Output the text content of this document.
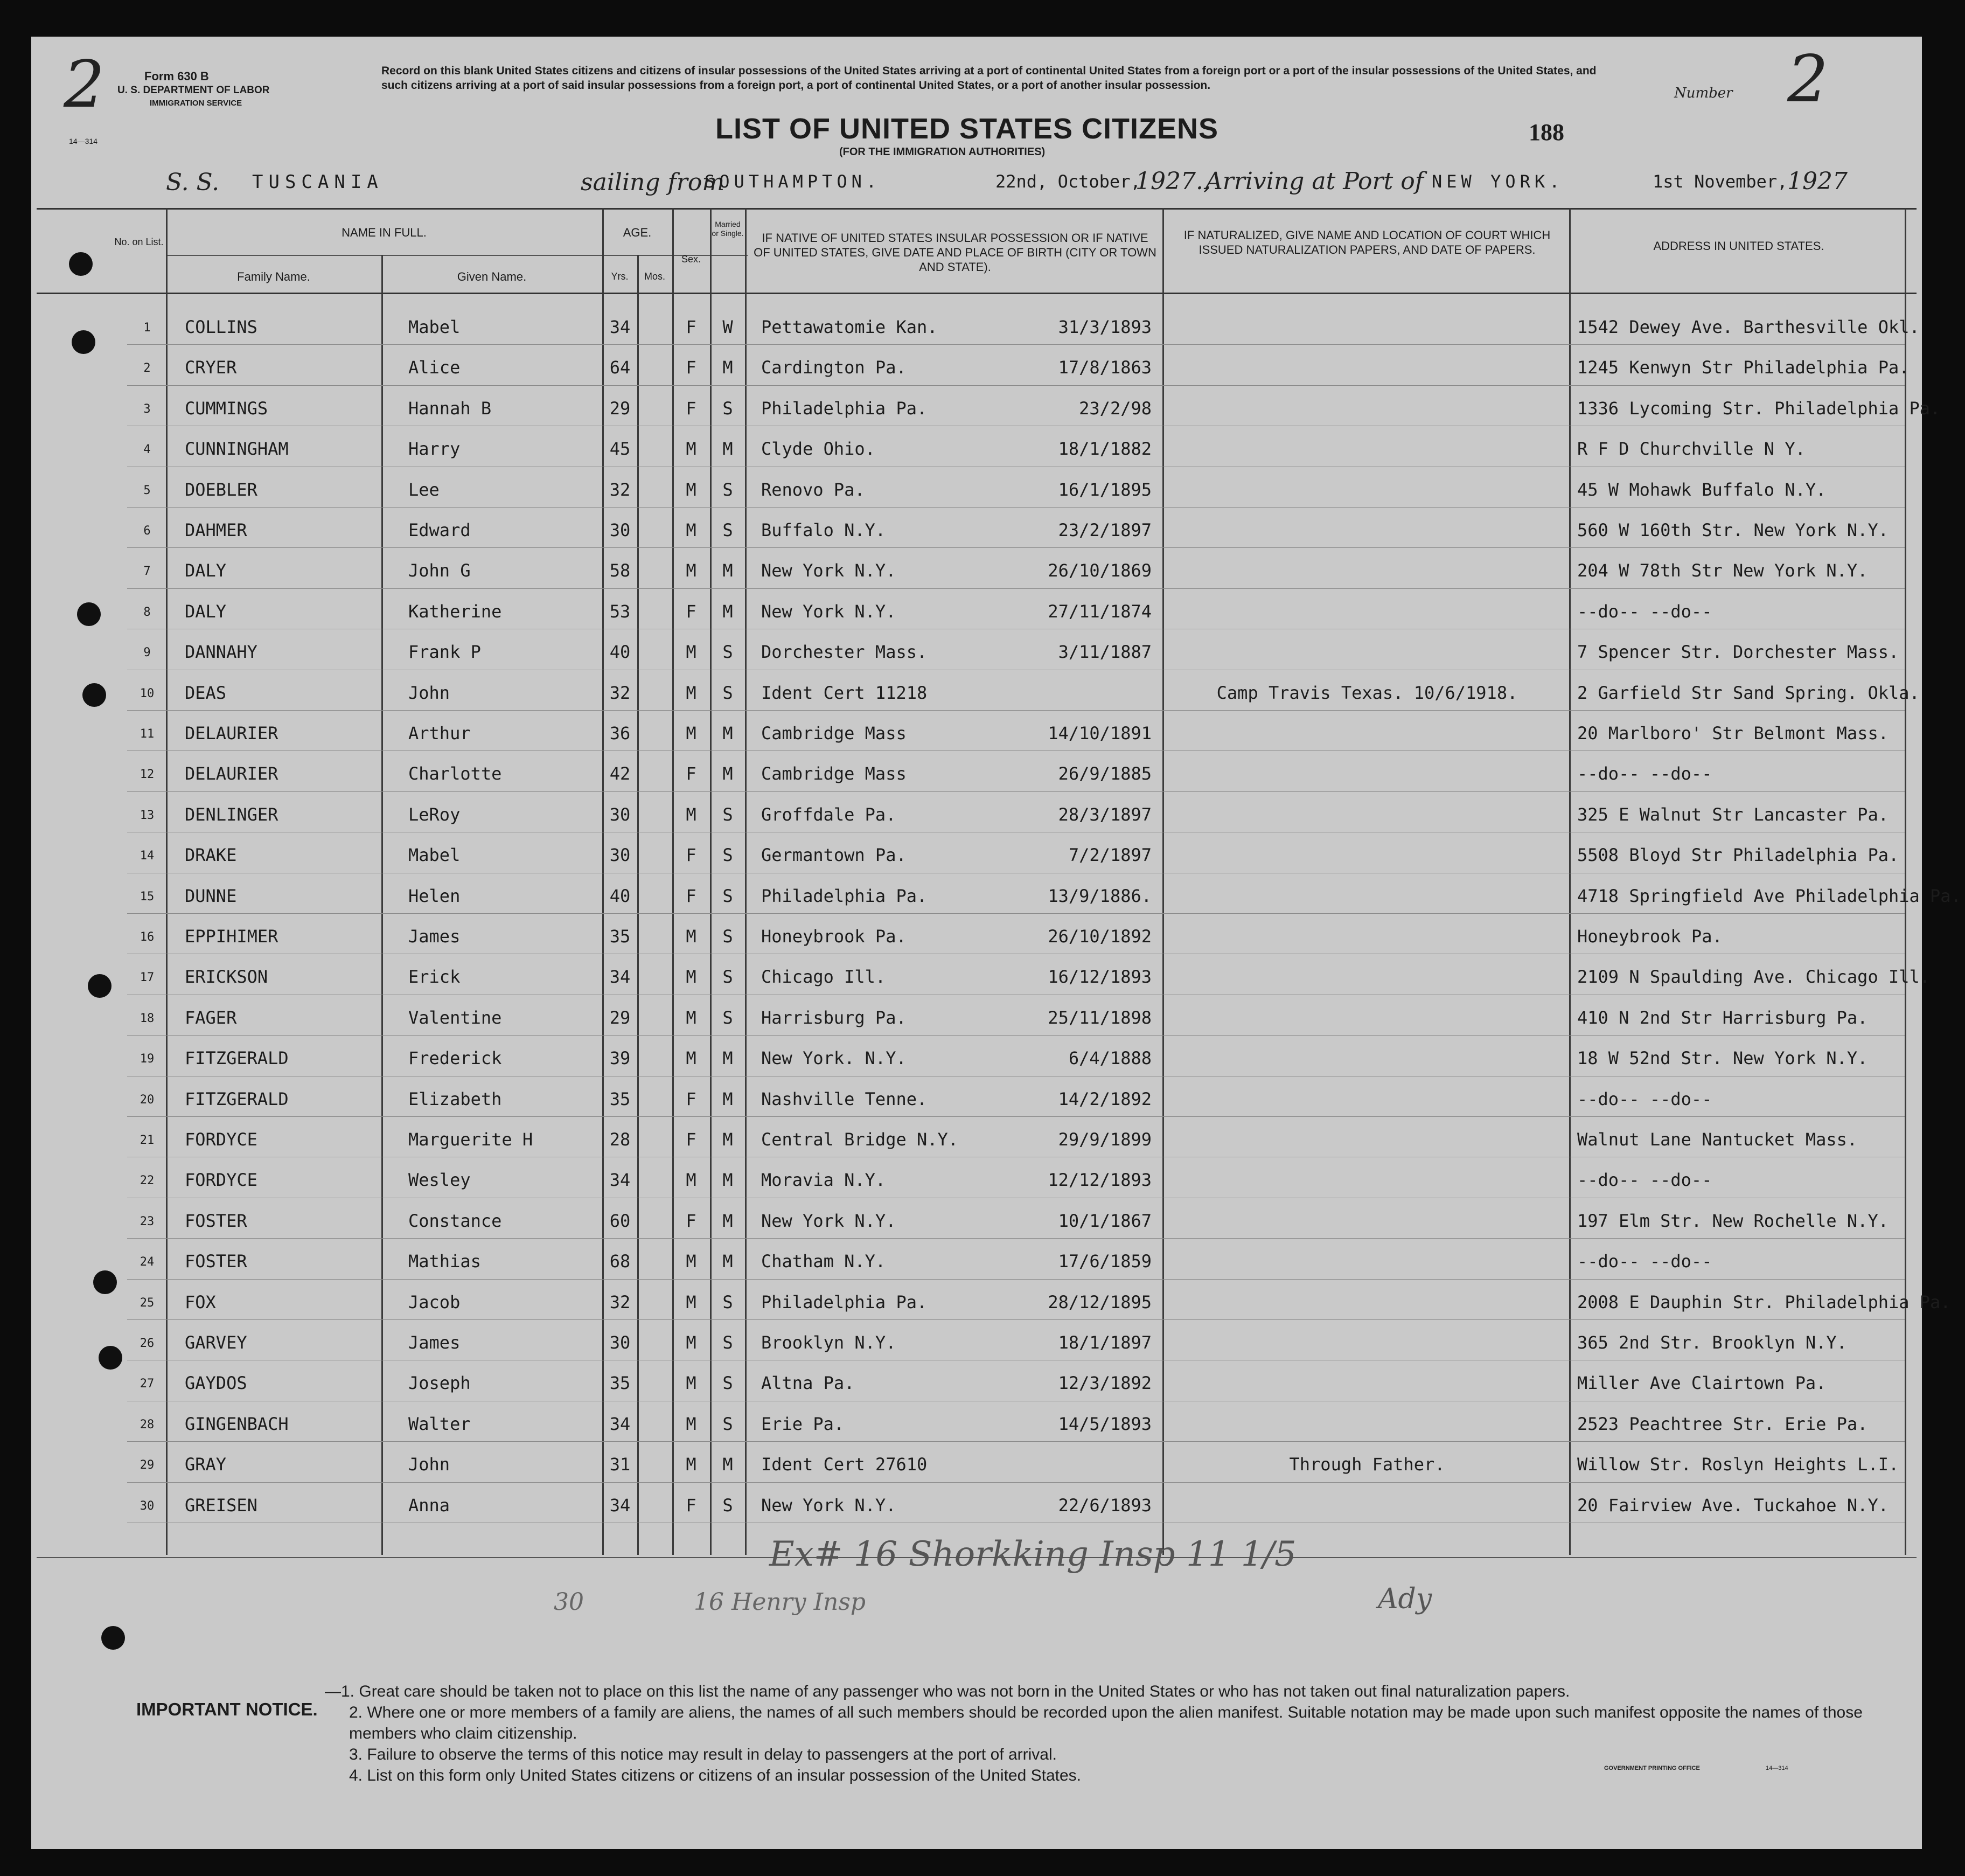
2	Form 630 B
U. S. DEPARTMENT OF LABOR
IMMIGRATION SERVICE
14—314
Record on this blank United States citizens and citizens of insular possessions of the United States arriving at a port of continental United States from a foreign port or a port of the insular possessions of the United States, and such citizens arriving at a port of said insular possessions from a foreign port, a port of continental United States, or a port of another insular possession.	Number 2
LIST OF UNITED STATES CITIZENS
(FOR THE IMMIGRATION AUTHORITIES)
188
S. S. TUSCANIA	sailing from
SOUTHAMPTON.	22nd, October,
1927.,
Arriving at Port of NEW YORK.	1st November, 1927
No. on List.
NAME IN FULL.
Family Name.	Given Name.
AGE.
Yrs.	Mos.
Sex.
Married or Single.	IF NATIVE OF UNITED STATES INSULAR POSSESSION OR IF NATIVE OF UNITED STATES, GIVE DATE AND PLACE OF BIRTH (CITY OR TOWN AND STATE).
IF NATURALIZED, GIVE NAME AND LOCATION OF COURT WHICH ISSUED NATURALIZATION PAPERS, AND DATE OF PAPERS.	ADDRESS IN UNITED STATES.
1	COLLINS	Mabel	34	F	W	Pettawatomie Kan.	31/3/1893	1542 Dewey Ave. Barthesville Okl.
2	CRYER	Alice	64	F	M	Cardington Pa.	17/8/1863	1245 Kenwyn Str Philadelphia Pa.
3	CUMMINGS	Hannah B	29	F	S	Philadelphia Pa.	23/2/98	1336 Lycoming Str. Philadelphia Pa.
4	CUNNINGHAM	Harry	45	M	M	Clyde Ohio.	18/1/1882	R F D Churchville N Y.
5	DOEBLER	Lee	32	M	S	Renovo Pa.	16/1/1895	45 W Mohawk Buffalo N.Y.
6	DAHMER	Edward	30	M	S	Buffalo N.Y.	23/2/1897	560 W 160th Str. New York N.Y.
7	DALY	John G	58	M	M	New York N.Y.	26/10/1869	204 W 78th Str New York N.Y.
8	DALY	Katherine	53	F	M	New York N.Y.	27/11/1874	--do-- --do--
9	DANNAHY	Frank P	40	M	S	Dorchester Mass.	3/11/1887	7 Spencer Str. Dorchester Mass.
10	DEAS	John	32	M	S	Ident Cert 11218	Camp Travis Texas. 10/6/1918.	2 Garfield Str Sand Spring. Okla.
11	DELAURIER	Arthur	36	M	M	Cambridge Mass	14/10/1891	20 Marlboro' Str Belmont Mass.
12	DELAURIER	Charlotte	42	F	M	Cambridge Mass	26/9/1885	--do-- --do--
13	DENLINGER	LeRoy	30	M	S	Groffdale Pa.	28/3/1897	325 E Walnut Str Lancaster Pa.
14	DRAKE	Mabel	30	F	S	Germantown Pa.	7/2/1897	5508 Bloyd Str Philadelphia Pa.
15	DUNNE	Helen	40	F	S	Philadelphia Pa.	13/9/1886.	4718 Springfield Ave Philadelphia Pa.
16	EPPIHIMER	James	35	M	S	Honeybrook Pa.	26/10/1892	Honeybrook Pa.
17	ERICKSON	Erick	34	M	S	Chicago Ill.	16/12/1893	2109 N Spaulding Ave. Chicago Ill.
18	FAGER	Valentine	29	M	S	Harrisburg Pa.	25/11/1898	410 N 2nd Str Harrisburg Pa.
19	FITZGERALD	Frederick	39	M	M	New York. N.Y.	6/4/1888	18 W 52nd Str. New York N.Y.
20	FITZGERALD	Elizabeth	35	F	M	Nashville Tenne.	14/2/1892	--do-- --do--
21	FORDYCE	Marguerite H	28	F	M	Central Bridge N.Y.	29/9/1899	Walnut Lane Nantucket Mass.
22	FORDYCE	Wesley	34	M	M	Moravia N.Y.	12/12/1893	--do-- --do--
23	FOSTER	Constance	60	F	M	New York N.Y.	10/1/1867	197 Elm Str. New Rochelle N.Y.
24	FOSTER	Mathias	68	M	M	Chatham N.Y.	17/6/1859	--do-- --do--
25	FOX	Jacob	32	M	S	Philadelphia Pa.	28/12/1895	2008 E Dauphin Str. Philadelphia Pa.
26	GARVEY	James	30	M	S	Brooklyn N.Y.	18/1/1897	365 2nd Str. Brooklyn N.Y.
27	GAYDOS	Joseph	35	M	S	Altna Pa.	12/3/1892	Miller Ave Clairtown Pa.
28	GINGENBACH	Walter	34	M	S	Erie Pa.	14/5/1893	2523 Peachtree Str. Erie Pa.
29	GRAY	John	31	M	M	Ident Cert 27610	Through Father.	Willow Str. Roslyn Heights L.I.
30	GREISEN	Anna	34	F	S	New York N.Y.	22/6/1893	20 Fairview Ave. Tuckahoe N.Y.
Ex# 16 Shorkking Insp 11 1/5
Ady
30	16 Henry Insp
IMPORTANT NOTICE.
—1. Great care should be taken not to place on this list the name of any passenger who was not born in the United States or who has not taken out final naturalization papers.
2. Where one or more members of a family are aliens, the names of all such members should be recorded upon the alien manifest. Suitable notation may be made upon such manifest opposite the names of those members who claim citizenship.
3. Failure to observe the terms of this notice may result in delay to passengers at the port of arrival.
4. List on this form only United States citizens or citizens of an insular possession of the United States.	GOVERNMENT PRINTING OFFICE	14—314
